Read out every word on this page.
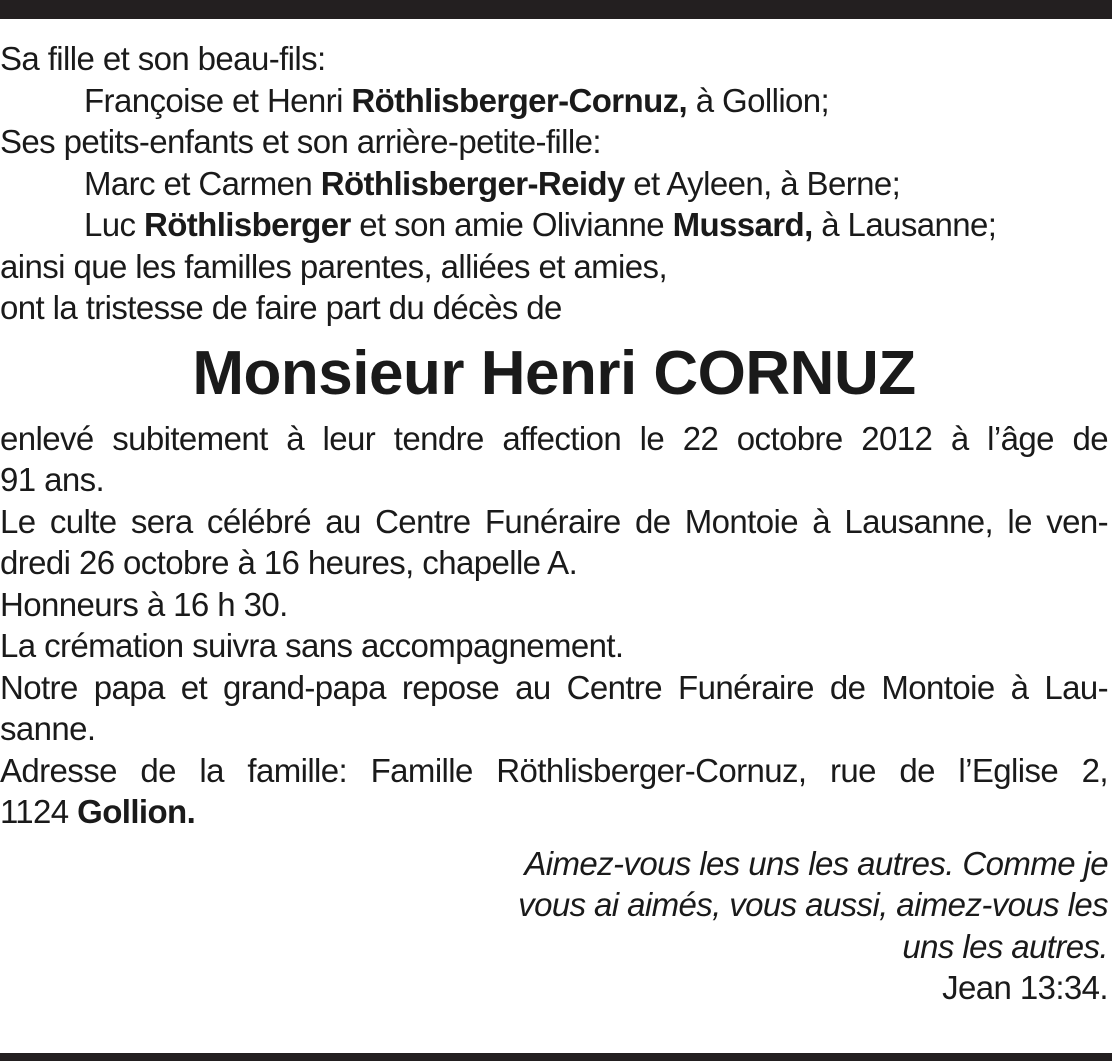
Sa fille et son beau-fils:
Françoise et Henri Röthlisberger-Cornuz, à Gollion;
Ses petits-enfants et son arrière-petite-fille:
Marc et Carmen Röthlisberger-Reidy et Ayleen, à Berne;
Luc Röthlisberger et son amie Olivianne Mussard, à Lausanne;
ainsi que les familles parentes, alliées et amies,
ont la tristesse de faire part du décès de
Monsieur Henri CORNUZ
enlevé subitement à leur tendre affection le 22 octobre 2012 à l’âge de
91 ans.
Le culte sera célébré au Centre Funéraire de Montoie à Lausanne, le ven-
dredi 26 octobre à 16 heures, chapelle A.
Honneurs à 16 h 30.
La crémation suivra sans accompagnement.
Notre papa et grand-papa repose au Centre Funéraire de Montoie à Lau-
sanne.
Adresse de la famille: Famille Röthlisberger-Cornuz, rue de l’Eglise 2,
1124 Gollion.
Aimez-vous les uns les autres. Comme je
vous ai aimés, vous aussi, aimez-vous les
uns les autres.
Jean 13:34.
